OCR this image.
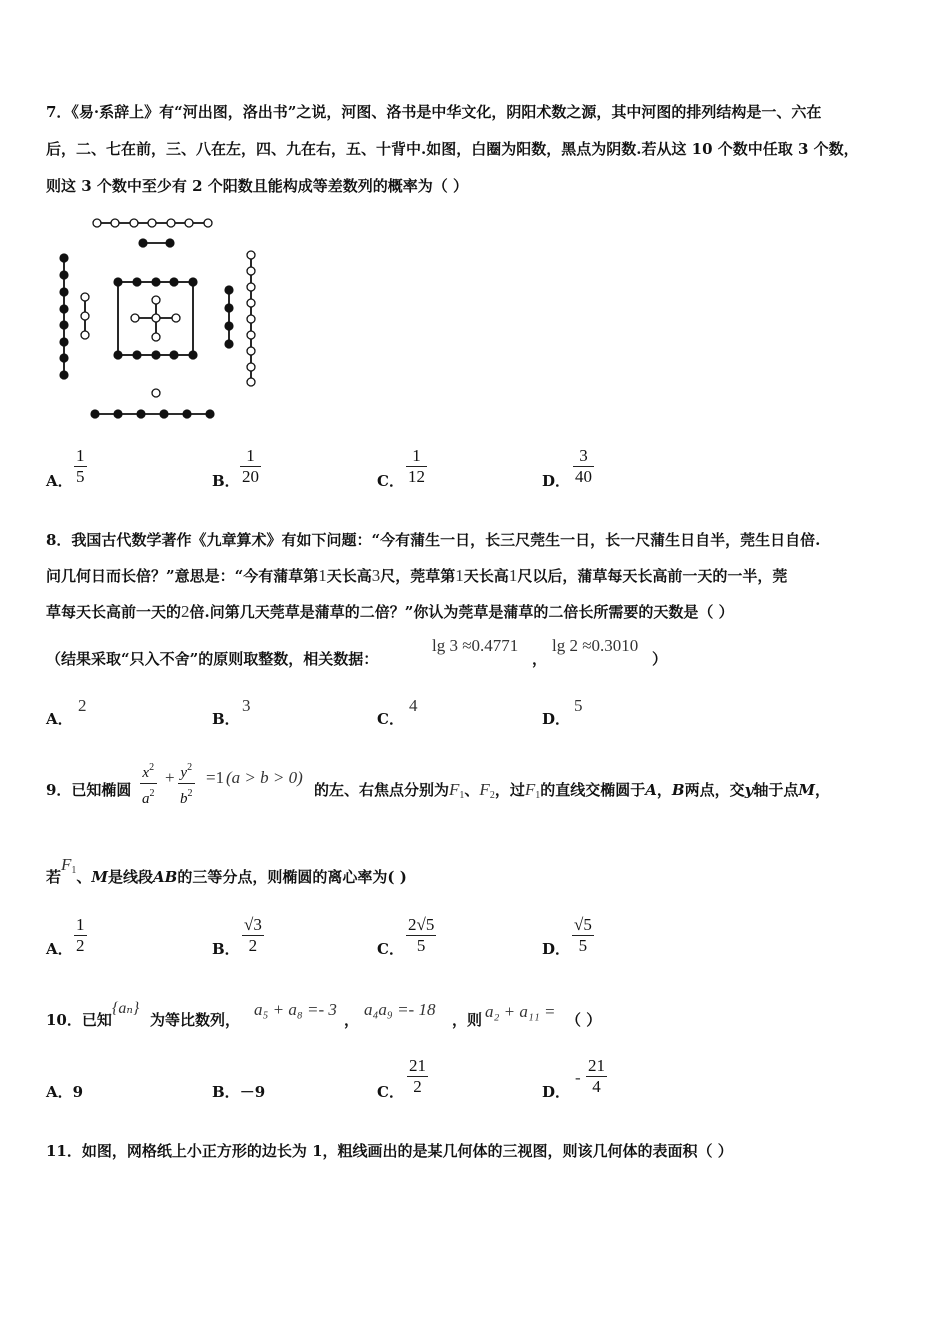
7．《易·系辞上》有“河出图，洛出书”之说，河图、洛书是中华文化，阴阳术数之源，其中河图的排列结构是一、六在
后，二、七在前，三、八在左，四、九在右，五、十背中.如图，白圈为阳数，黑点为阴数.若从这 10 个数中任取 3 个数，
则这 3 个数中至少有 2 个阳数且能构成等差数列的概率为（ ）
A．
1
5	B．
1
20	C．
1
12	D．
3
40
8．我国古代数学著作《九章算术》有如下问题：“今有蒲生一日，长三尺莞生一日，长一尺蒲生日自半，莞生日自倍.
问几何日而长倍？”意思是：“今有蒲草第1天长高3尺，莞草第1天长高1尺以后，蒲草每天长高前一天的一半，莞
草每天长高前一天的2倍.问第几天莞草是蒲草的二倍？”你认为莞草是蒲草的二倍长所需要的天数是（ ）
（结果采取“只入不舍”的原则取整数，相关数据：
lg 3 ≈0.4771
，
lg 2 ≈0.3010
）
A．
2
B．
3
C．
4
D．
5
9．已知椭圆
$x^2$
$a^2$
+ $y^2$
$b^2$
=1 (a > b > 0)
的左、右焦点分别为$F_1$、$F_2$，过$F_1$的直线交椭圆于A，B两点，交y轴于点M，
若$F_1$、M是线段AB的三等分点，则椭圆的离心率为( )
A．
1
2	B．
√3
2	C．
2√5
5	D．
√5
5
10．已知
{aₙ}
为等比数列，
a₅ + a₈ =- 3
，
a₄a₉ =- 18
，则 a₂ + a₁₁ = （ ）
A．9	B．－9	C．
21
2	D．
-
21
4
11．如图，网格纸上小正方形的边长为 1，粗线画出的是某几何体的三视图，则该几何体的表面积（ ）
